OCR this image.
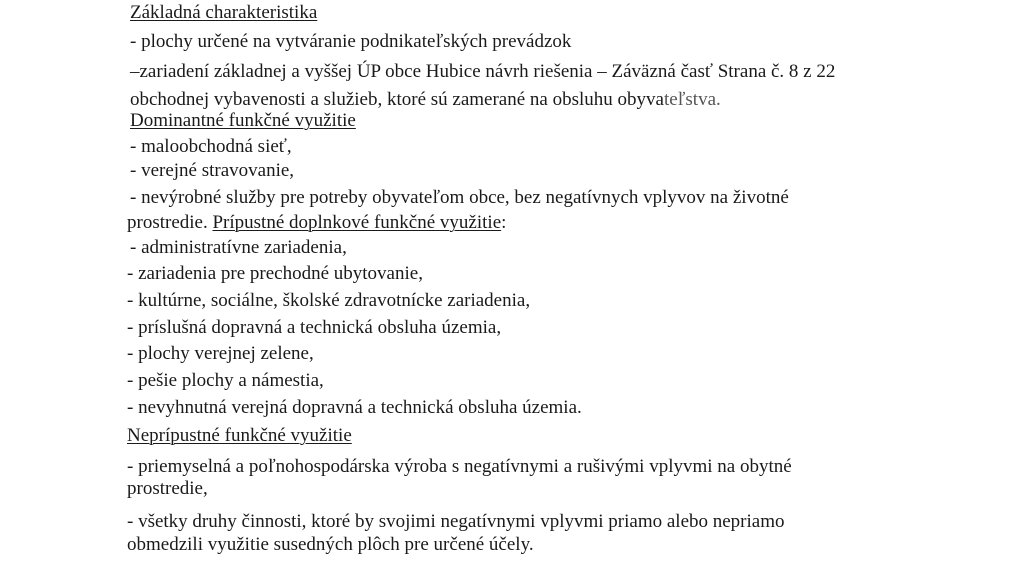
Základná charakteristika
- plochy určené na vytváranie podnikateľských prevádzok
–zariadení základnej a vyššej ÚP obce Hubice návrh riešenia – Záväzná časť Strana č. 8 z 22
obchodnej vybavenosti a služieb, ktoré sú zamerané na obsluhu obyvateľstva.
Dominantné funkčné využitie
- maloobchodná sieť,
- verejné stravovanie,
- nevýrobné služby pre potreby obyvateľom obce, bez negatívnych vplyvov na životné
prostredie. Prípustné doplnkové funkčné využitie:
- administratívne zariadenia,
- zariadenia pre prechodné ubytovanie,
- kultúrne, sociálne, školské zdravotnícke zariadenia,
- príslušná dopravná a technická obsluha územia,
- plochy verejnej zelene,
- pešie plochy a námestia,
- nevyhnutná verejná dopravná a technická obsluha územia.
Neprípustné funkčné využitie
- priemyselná a poľnohospodárska výroba s negatívnymi a rušivými vplyvmi na obytné
prostredie,
- všetky druhy činnosti, ktoré by svojimi negatívnymi vplyvmi priamo alebo nepriamo
obmedzili využitie susedných plôch pre určené účely.
